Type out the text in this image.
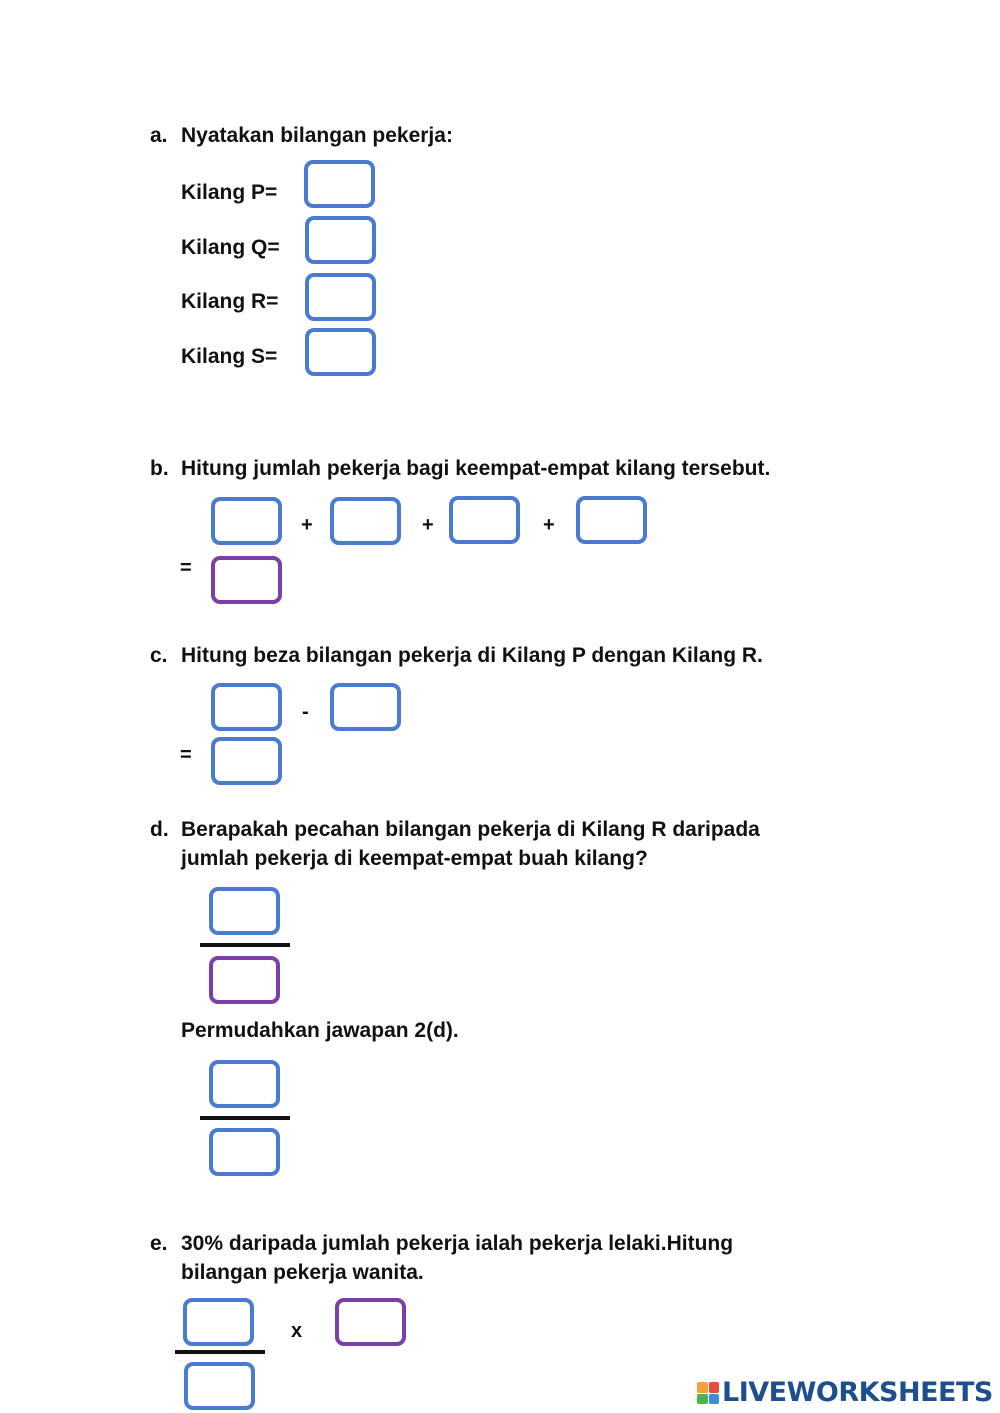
a. Nyatakan bilangan pekerja:
Kilang P=
Kilang Q=
Kilang R=
Kilang S=
b. Hitung jumlah pekerja bagi keempat-empat kilang tersebut.
+	+	+
=
c. Hitung beza bilangan pekerja di Kilang P dengan Kilang R.
-
=
d. Berapakah pecahan bilangan pekerja di Kilang R daripada
jumlah pekerja di keempat-empat buah kilang?
Permudahkan jawapan 2(d).
e. 30% daripada jumlah pekerja ialah pekerja lelaki.Hitung
bilangan pekerja wanita.
x
LIVEWORKSHEETS
